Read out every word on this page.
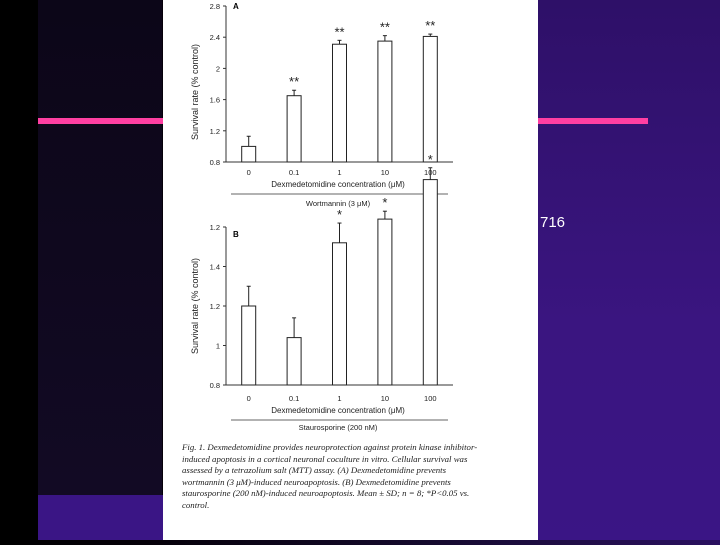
716
A
Survival rate (% control)
Dexmedetomidine concentration (μM)
Wortmannin (3 μM)
0.8
1.2
1.6
2
2.4
2.8
0
**
0.1
**
1
**
10
**
100
B
Survival rate (% control)
Dexmedetomidine concentration (μM)
Staurosporine (200 nM)
0.8
1
1.2
1.4
1.2
0	0.1
*
1
*
10
*
100

Fig. 1. Dexmedetomidine provides neuroprotection against protein kinase inhibitor-induced apoptosis in a cortical neuronal coculture in vitro. Cellular survival was assessed by a tetrazolium salt (MTT) assay. (A) Dexmedetomidine prevents wortmannin (3 μM)-induced neuroapoptosis. (B) Dexmedetomidine prevents staurosporine (200 nM)-induced neuroapoptosis. Mean ± SD; n = 8; *P<0.05 vs. control.
